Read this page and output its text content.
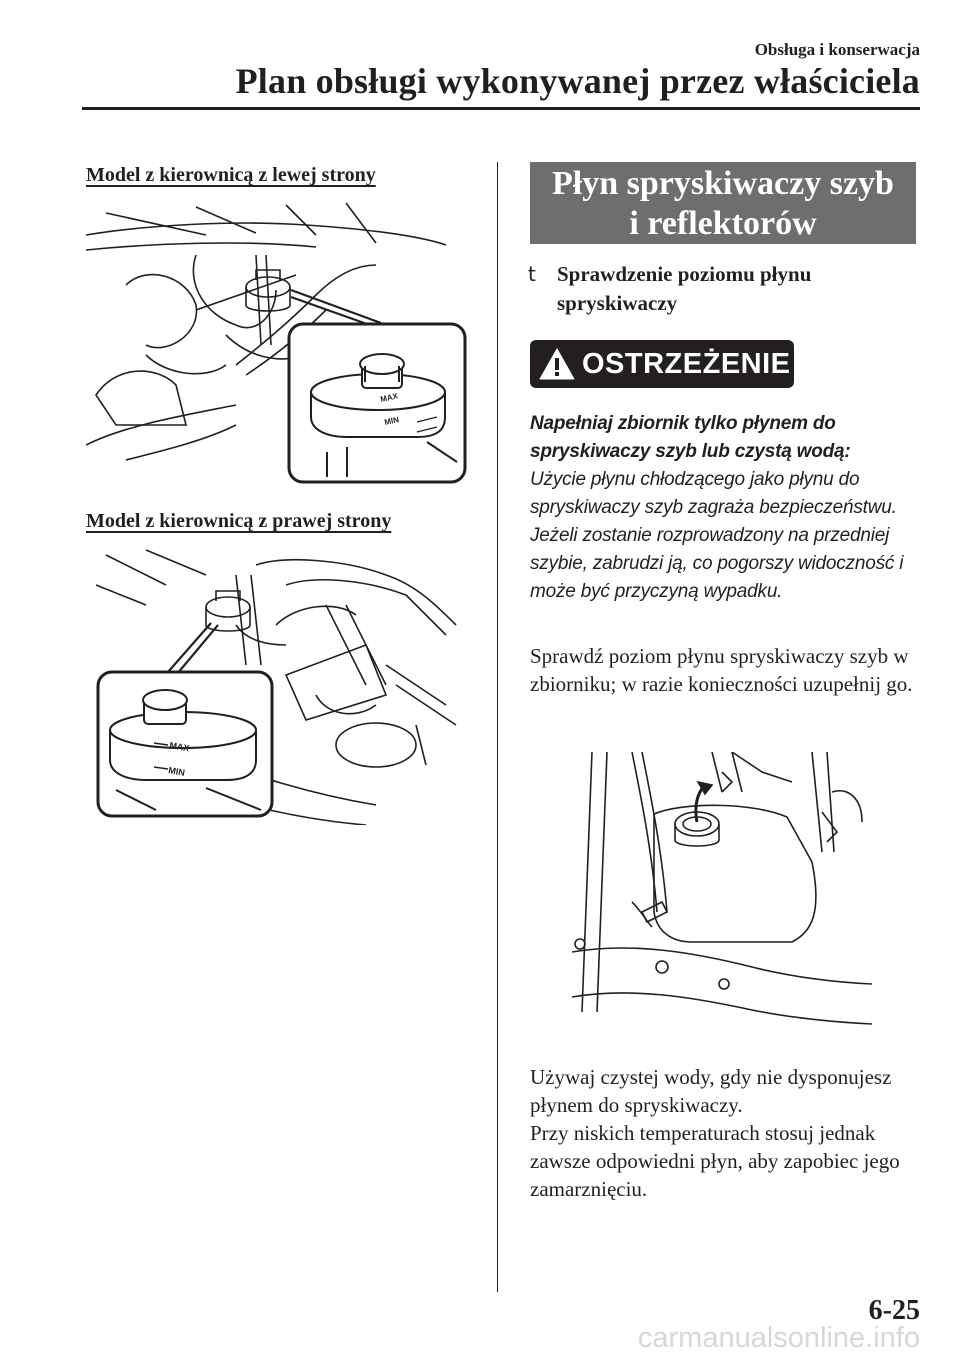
Obsługa i konserwacja
Plan obsługi wykonywanej przez właściciela
Model z kierownicą z lewej strony
MAX
MIN
Model z kierownicą z prawej strony
MAX
MIN
Płyn spryskiwaczy szyb
i reflektorów
t Sprawdzenie poziomu płynu spryskiwaczy
OSTRZEŻENIE
Napełniaj zbiornik tylko płynem do spryskiwaczy szyb lub czystą wodą:
Użycie płynu chłodzącego jako płynu do spryskiwaczy szyb zagraża bezpieczeństwu. Jeżeli zostanie rozprowadzony na przedniej szybie, zabrudzi ją, co pogorszy widoczność i może być przyczyną wypadku.
Sprawdź poziom płynu spryskiwaczy szyb w zbiorniku; w razie konieczności uzupełnij go.
Używaj czystej wody, gdy nie dysponujesz płynem do spryskiwaczy.
Przy niskich temperaturach stosuj jednak zawsze odpowiedni płyn, aby zapobiec jego zamarznięciu.
6-25
carmanualsonline.info
